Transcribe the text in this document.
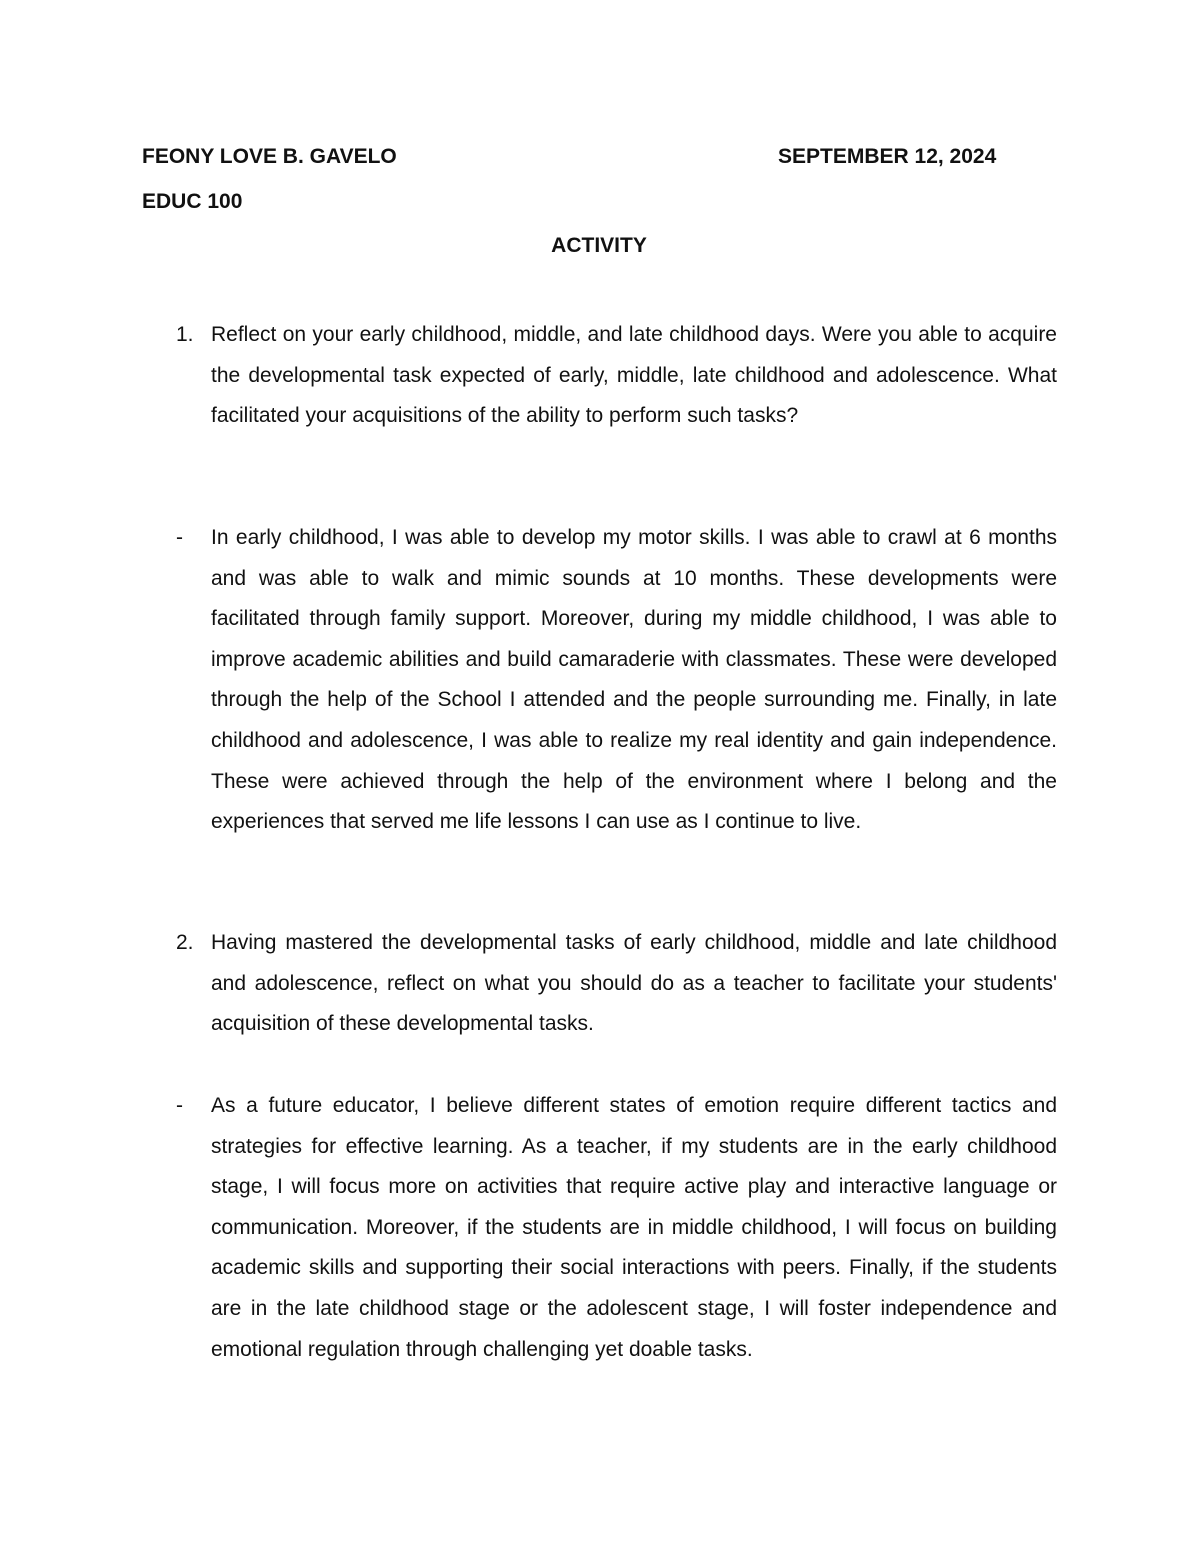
FEONY LOVE B. GAVELO	SEPTEMBER 12, 2024
EDUC 100
ACTIVITY
1. Reflect on your early childhood, middle, and late childhood days. Were you able to acquire the developmental task expected of early, middle, late childhood and adolescence. What facilitated your acquisitions of the ability to perform such tasks?
- In early childhood, I was able to develop my motor skills. I was able to crawl at 6 months and was able to walk and mimic sounds at 10 months. These developments were facilitated through family support. Moreover, during my middle childhood, I was able to improve academic abilities and build camaraderie with classmates. These were developed through the help of the School I attended and the people surrounding me. Finally, in late childhood and adolescence, I was able to realize my real identity and gain independence. These were achieved through the help of the environment where I belong and the experiences that served me life lessons I can use as I continue to live.
2. Having mastered the developmental tasks of early childhood, middle and late childhood and adolescence, reflect on what you should do as a teacher to facilitate your students' acquisition of these developmental tasks.
- As a future educator, I believe different states of emotion require different tactics and strategies for effective learning. As a teacher, if my students are in the early childhood stage, I will focus more on activities that require active play and interactive language or communication. Moreover, if the students are in middle childhood, I will focus on building academic skills and supporting their social interactions with peers. Finally, if the students are in the late childhood stage or the adolescent stage, I will foster independence and emotional regulation through challenging yet doable tasks.
